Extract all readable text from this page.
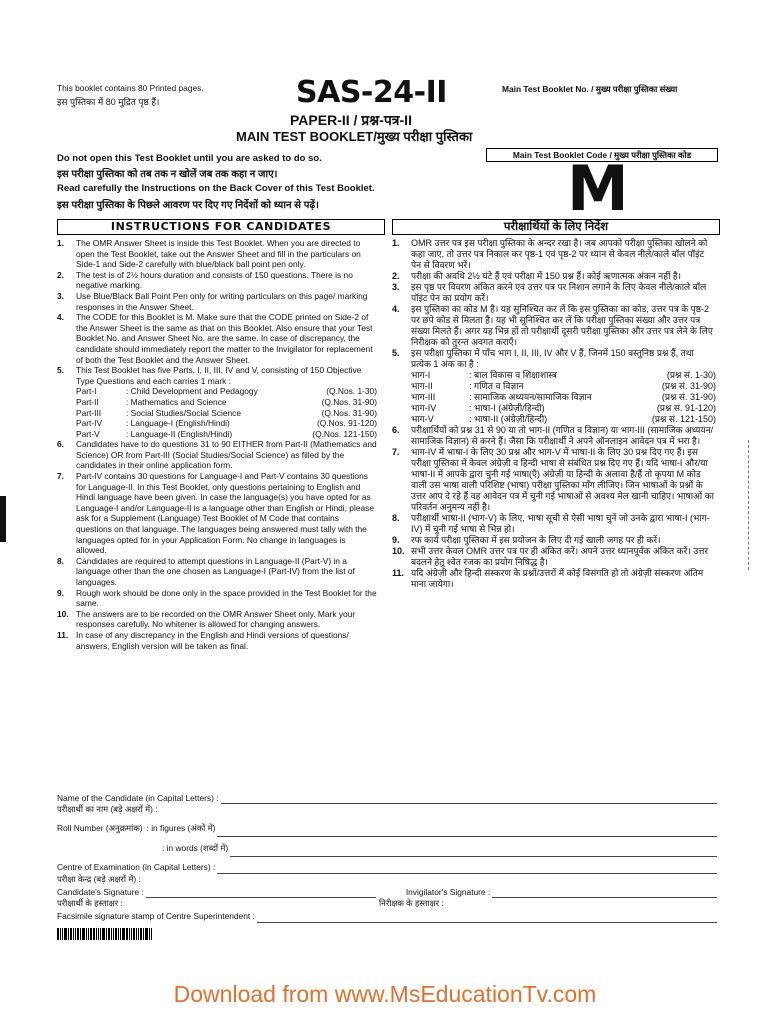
This booklet contains 80 Printed pages.
इस पुस्तिका में 80 मुद्रित पृष्ठ हैं।	SAS-24-II	Main Test Booklet No. / मुख्य परीक्षा पुस्तिका संख्या
PAPER-II / प्रश्न-पत्र-II
MAIN TEST BOOKLET/मुख्य परीक्षा पुस्तिका
Do not open this Test Booklet until you are asked to do so.
इस परीक्षा पुस्तिका को तब तक न खोलें जब तक कहा न जाए।
Read carefully the Instructions on the Back Cover of this Test Booklet.
इस परीक्षा पुस्तिका के पिछले आवरण पर दिए गए निर्देशों को ध्यान से पढ़ें।
Main Test Booklet Code / मुख्य परीक्षा पुस्तिका कोड
M
INSTRUCTIONS FOR CANDIDATES
1. The OMR Answer Sheet is inside this Test Booklet. When you are directed to open the Test Booklet, take out the Answer Sheet and fill in the particulars on Side-1 and Side-2 carefully with blue/black ball point pen only.
2. The test is of 2½ hours duration and consists of 150 questions. There is no negative marking.
3. Use Blue/Black Ball Point Pen only for writing particulars on this page/ marking responses in the Answer Sheet.
4. The CODE for this Booklet is M. Make sure that the CODE printed on Side-2 of the Answer Sheet is the same as that on this Booklet. Also ensure that your Test Booklet No. and Answer Sheet No. are the same. In case of discrepancy, the candidate should immediately report the matter to the Invigilator for replacement of both the Test Booklet and the Answer Sheet.
5. This Test Booklet has five Parts, I, II, III, IV and V, consisting of 150 Objective Type Questions and each carries 1 mark :
Part-I	: Child Development and Pedagogy	(Q.Nos. 1-30)
Part-II	: Mathematics and Science	(Q.Nos. 31-90)
Part-III	: Social Studies/Social Science	(Q.Nos. 31-90)
Part-IV	: Language-I (English/Hindi)	(Q.Nos. 91-120)
Part-V	: Language-II (English/Hindi)	(Q.Nos. 121-150)
6. Candidates have to do questions 31 to 90 EITHER from Part-II (Mathematics and Science) OR from Part-III (Social Studies/Social Science) as filled by the candidates in their online application form.
7. Part-IV contains 30 questions for Language-I and Part-V contains 30 questions for Language-II. In this Test Booklet, only questions pertaining to English and Hindi language have been given. In case the language(s) you have opted for as Language-I and/or Language-II is a language other than English or Hindi, please ask for a Supplement (Language) Test Booklet of M Code that contains questions on that language. The languages being answered must tally with the languages opted for in your Application Form. No change in languages is allowed.
8. Candidates are required to attempt questions in Language-II (Part-V) in a language other than the one chosen as Language-I (Part-IV) from the list of languages.
9. Rough work should be done only in the space provided in the Test Booklet for the same.
10. The answers are to be recorded on the OMR Answer Sheet only. Mark your responses carefully. No whitener is allowed for changing answers.
11. In case of any discrepancy in the English and Hindi versions of questions/ answers, English version will be taken as final.
परीक्षार्थियों के लिए निर्देश
1. OMR उत्तर पत्र इस परीक्षा पुस्तिका के अन्दर रखा है। जब आपको परीक्षा पुस्तिका खोलने को कहा जाए, तो उत्तर पत्र निकाल कर पृष्ठ-1 एवं पृष्ठ-2 पर ध्यान से केवल नीले/काले बॉल पॉइंट पेन से विवरण भरें।
2. परीक्षा की अवधि 2½ घंटे हैं एवं परीक्षा में 150 प्रश्न हैं। कोई ऋणात्मक अंकन नहीं है।
3. इस पृष्ठ पर विवरण अंकित करने एवं उत्तर पत्र पर निशान लगाने के लिए केवल नीले/काले बॉल पॉइंट पेन का प्रयोग करें।
4. इस पुस्तिका का कोड M है। यह सुनिश्चित कर लें कि इस पुस्तिका का कोड, उत्तर पत्र के पृष्ठ-2 पर छपे कोड से मिलता है। यह भी सुनिश्चित कर लें कि परीक्षा पुस्तिका संख्या और उत्तर पत्र संख्या मिलते हैं। अगर यह भिन्न हों तो परीक्षार्थी दूसरी परीक्षा पुस्तिका और उत्तर पत्र लेने के लिए निरीक्षक को तुरन्त अवगत कराएँ।
5. इस परीक्षा पुस्तिका में पाँच भाग I, II, III, IV और V हैं, जिनमें 150 वस्तुनिष्ठ प्रश्न हैं, तथा प्रत्येक 1 अंक का है :
भाग-I	: बाल विकास व शिक्षाशास्त्र	(प्रश्न सं. 1-30)
भाग-II	: गणित व विज्ञान	(प्रश्न सं. 31-90)
भाग-III	: सामाजिक अध्ययन/सामाजिक विज्ञान	(प्रश्न सं. 31-90)
भाग-IV	: भाषा-I (अंग्रेज़ी/हिन्दी)	(प्रश्न सं. 91-120)
भाग-V	: भाषा-II (अंग्रेज़ी/हिन्दी)	(प्रश्न सं. 121-150)
6. परीक्षार्थियों को प्रश्न 31 से 90 या तो भाग-II (गणित व विज्ञान) या भाग-III (सामाजिक अध्ययन/सामाजिक विज्ञान) से करने हैं। जैसा कि परीक्षार्थी ने अपने ऑनलाइन आवेदन पत्र में भरा है।
7. भाग-IV में भाषा-I के लिए 30 प्रश्न और भाग-V में भाषा-II के लिए 30 प्रश्न दिए गए हैं। इस परीक्षा पुस्तिका में केवल अंग्रेज़ी व हिन्दी भाषा से संबंधित प्रश्न दिए गए हैं। यदि भाषा-I और/या भाषा-II में आपके द्वारा चुनी गई भाषा(एँ) अंग्रेज़ी या हिन्दी के अलावा है/हैं तो कृपया M कोड वाली उस भाषा वाली परिशिष्ट (भाषा) परीक्षा पुस्तिका माँग लीजिए। जिन भाषाओं के प्रश्नों के उत्तर आप दे रहे हैं वह आवेदन पत्र में चुनी गई भाषाओं से अवश्य मेल खानी चाहिए। भाषाओं का परिवर्तन अनुमन्य नहीं है।
8. परीक्षार्थी भाषा-II (भाग-V) के लिए, भाषा सूची से ऐसी भाषा चुनें जो उनके द्वारा भाषा-I (भाग-IV) में चुनी गई भाषा से भिन्न हो।
9. रफ कार्य परीक्षा पुस्तिका में इस प्रयोजन के लिए दी गई खाली जगह पर ही करें।
10. सभी उत्तर केवल OMR उत्तर पत्र पर ही अंकित करें। अपने उत्तर ध्यानपूर्वक अंकित करें। उत्तर बदलने हेतु श्वेत रंजक का प्रयोग निषिद्ध है।
11. यदि अंग्रेज़ी और हिन्दी संस्करण के प्रश्नों/उत्तरों में कोई विसंगति हो तो अंग्रेज़ी संस्करण अंतिम माना जायेगा।
Name of the Candidate (in Capital Letters) :
परीक्षार्थी का नाम (बड़े अक्षरों में) :
Roll Number (अनुक्रमांक) : in figures (अंकों में)
: in words (शब्दों में)
Centre of Examination (in Capital Letters) :
परीक्षा केन्द्र (बड़े अक्षरों में) :
Candidate's Signature :	Invigilator's Signature :
परीक्षार्थी के हस्ताक्षर :	निरीक्षक के हस्ताक्षर :
Facsimile signature stamp of Centre Superintendent :
Download from www.MsEducationTv.com
